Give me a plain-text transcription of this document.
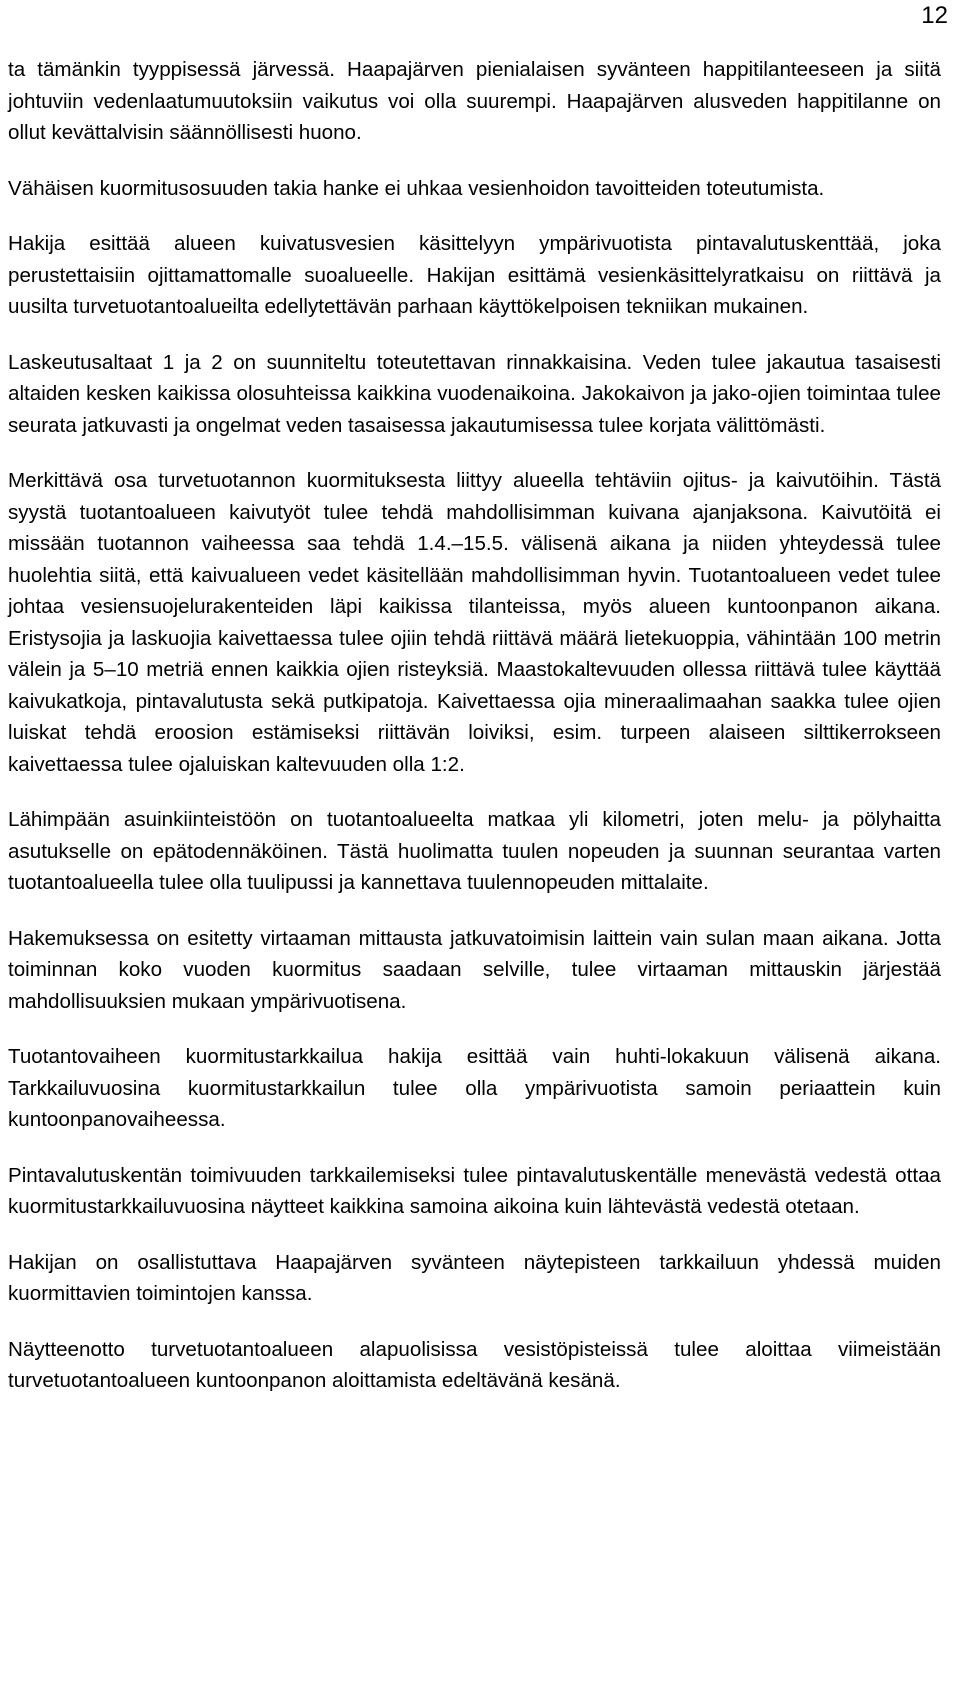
12

ta tämänkin tyyppisessä järvessä. Haapajärven pienialaisen syvänteen happitilanteeseen ja siitä johtuviin vedenlaatumuutoksiin vaikutus voi olla suurempi. Haapajärven alusveden happitilanne on ollut kevättalvisin säännöllisesti huono.

Vähäisen kuormitusosuuden takia hanke ei uhkaa vesienhoidon tavoitteiden toteutumista.

Hakija esittää alueen kuivatusvesien käsittelyyn ympärivuotista pintavalutuskenttää, joka perustettaisiin ojittamattomalle suoalueelle. Hakijan esittämä vesienkäsittelyratkaisu on riittävä ja uusilta turvetuotantoalueilta edellytettävän parhaan käyttökelpoisen tekniikan mukainen.

Laskeutusaltaat 1 ja 2 on suunniteltu toteutettavan rinnakkaisina. Veden tulee jakautua tasaisesti altaiden kesken kaikissa olosuhteissa kaikkina vuodenaikoina. Jakokaivon ja jako-ojien toimintaa tulee seurata jatkuvasti ja ongelmat veden tasaisessa jakautumisessa tulee korjata välittömästi.

Merkittävä osa turvetuotannon kuormituksesta liittyy alueella tehtäviin ojitus- ja kaivutöihin. Tästä syystä tuotantoalueen kaivutyöt tulee tehdä mahdollisimman kuivana ajanjaksona. Kaivutöitä ei missään tuotannon vaiheessa saa tehdä 1.4.–15.5. välisenä aikana ja niiden yhteydessä tulee huolehtia siitä, että kaivualueen vedet käsitellään mahdollisimman hyvin. Tuotantoalueen vedet tulee johtaa vesiensuojelurakenteiden läpi kaikissa tilanteissa, myös alueen kuntoonpanon aikana. Eristysojia ja laskuojia kaivettaessa tulee ojiin tehdä riittävä määrä lietekuoppia, vähintään 100 metrin välein ja 5–10 metriä ennen kaikkia ojien risteyksiä. Maastokaltevuuden ollessa riittävä tulee käyttää kaivukatkoja, pintavalutusta sekä putkipatoja. Kaivettaessa ojia mineraalimaahan saakka tulee ojien luiskat tehdä eroosion estämiseksi riittävän loiviksi, esim. turpeen alaiseen silttikerrokseen kaivettaessa tulee ojaluiskan kaltevuuden olla 1:2.

Lähimpään asuinkiinteistöön on tuotantoalueelta matkaa yli kilometri, joten melu- ja pölyhaitta asutukselle on epätodennäköinen. Tästä huolimatta tuulen nopeuden ja suunnan seurantaa varten tuotantoalueella tulee olla tuulipussi ja kannettava tuulennopeuden mittalaite.

Hakemuksessa on esitetty virtaaman mittausta jatkuvatoimisin laittein vain sulan maan aikana. Jotta toiminnan koko vuoden kuormitus saadaan selville, tulee virtaaman mittauskin järjestää mahdollisuuksien mukaan ympärivuotisena.

Tuotantovaiheen kuormitustarkkailua hakija esittää vain huhti-lokakuun välisenä aikana. Tarkkailuvuosina kuormitustarkkailun tulee olla ympärivuotista samoin periaattein kuin kuntoonpanovaiheessa.

Pintavalutuskentän toimivuuden tarkkailemiseksi tulee pintavalutuskentälle menevästä vedestä ottaa kuormitustarkkailuvuosina näytteet kaikkina samoina aikoina kuin lähtevästä vedestä otetaan.

Hakijan on osallistuttava Haapajärven syvänteen näytepisteen tarkkailuun yhdessä muiden kuormittavien toimintojen kanssa.

Näytteenotto turvetuotantoalueen alapuolisissa vesistöpisteissä tulee aloittaa viimeistään turvetuotantoalueen kuntoonpanon aloittamista edeltävänä kesänä.
